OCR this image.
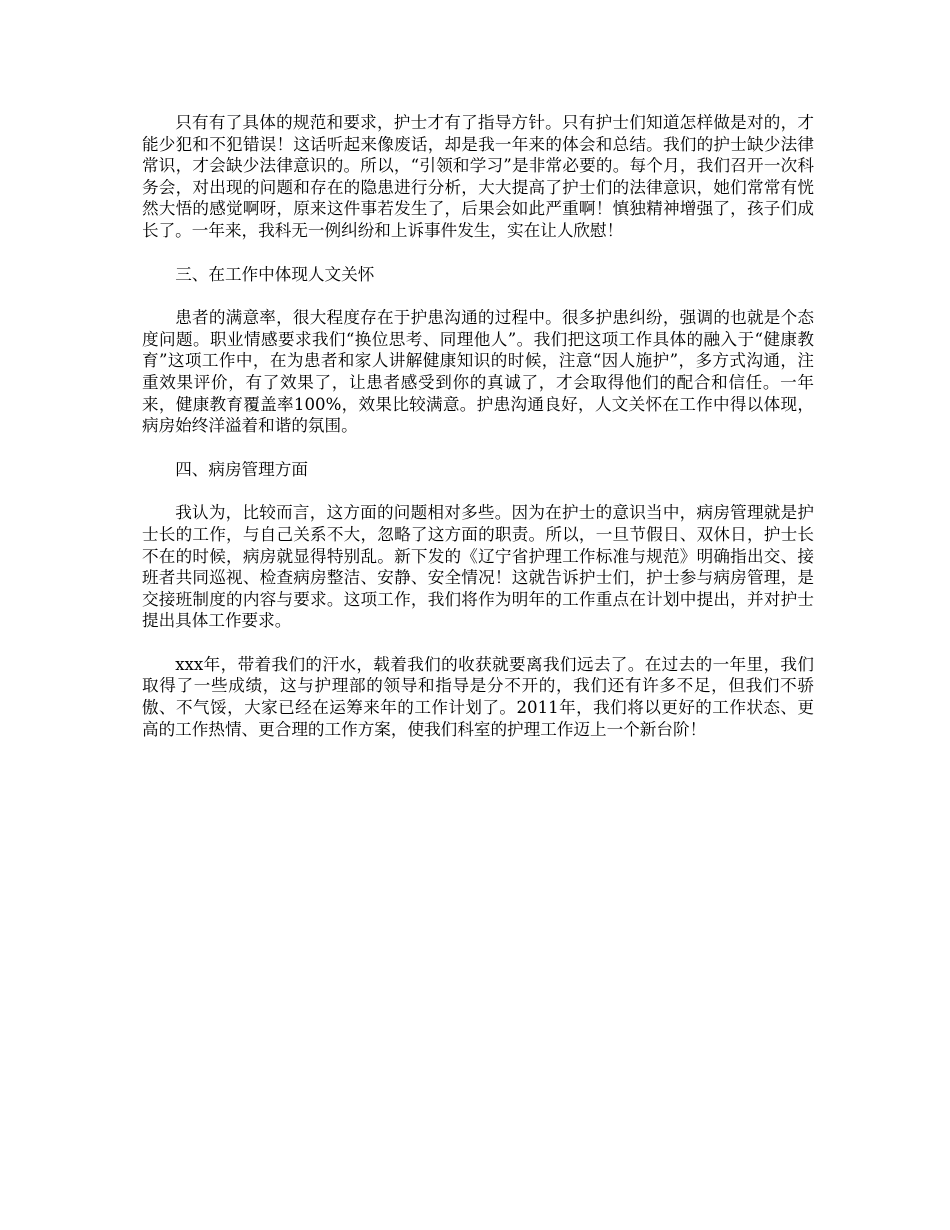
只有有了具体的规范和要求，护士才有了指导方针。只有护士们知道怎样做是对的，才能少犯和不犯错误！这话听起来像废话，却是我一年来的体会和总结。我们的护士缺少法律常识，才会缺少法律意识的。所以，“引领和学习”是非常必要的。每个月，我们召开一次科务会，对出现的问题和存在的隐患进行分析，大大提高了护士们的法律意识，她们常常有恍然大悟的感觉啊呀，原来这件事若发生了，后果会如此严重啊！慎独精神增强了，孩子们成长了。一年来，我科无一例纠纷和上诉事件发生，实在让人欣慰！

三、在工作中体现人文关怀

患者的满意率，很大程度存在于护患沟通的过程中。很多护患纠纷，强调的也就是个态度问题。职业情感要求我们“换位思考、同理他人”。我们把这项工作具体的融入于“健康教育”这项工作中，在为患者和家人讲解健康知识的时候，注意“因人施护”，多方式沟通，注重效果评价，有了效果了，让患者感受到你的真诚了，才会取得他们的配合和信任。一年来，健康教育覆盖率100%，效果比较满意。护患沟通良好，人文关怀在工作中得以体现，病房始终洋溢着和谐的氛围。

四、病房管理方面

我认为，比较而言，这方面的问题相对多些。因为在护士的意识当中，病房管理就是护士长的工作，与自己关系不大，忽略了这方面的职责。所以，一旦节假日、双休日，护士长不在的时候，病房就显得特别乱。新下发的《辽宁省护理工作标准与规范》明确指出交、接班者共同巡视、检查病房整洁、安静、安全情况！这就告诉护士们，护士参与病房管理，是交接班制度的内容与要求。这项工作，我们将作为明年的工作重点在计划中提出，并对护士提出具体工作要求。

xxx年，带着我们的汗水，载着我们的收获就要离我们远去了。在过去的一年里，我们取得了一些成绩，这与护理部的领导和指导是分不开的，我们还有许多不足，但我们不骄傲、不气馁，大家已经在运筹来年的工作计划了。2011年，我们将以更好的工作状态、更高的工作热情、更合理的工作方案，使我们科室的护理工作迈上一个新台阶！
